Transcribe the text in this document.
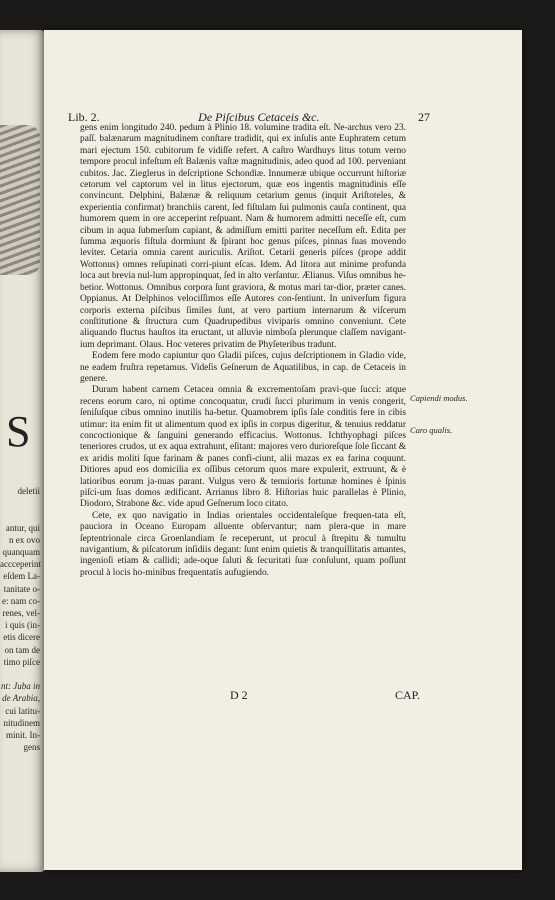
S
deletii

antur, qui
n ex ovo
quanquam
accceperint
eſdem La-
tanitate o-
e: nam co-
renes, vel-
i quis (in-
etis dicere
on tam de
timo piſce

nt: Juba in
de Arabia,
cui latitu-
nitudinem
minit. In-
gens
Lib. 2.	De Piſcibus Cetaceis &c.	27

gens enim longitudo 240. pedum à Plinio 18. volumine tradita eſt. Ne-archus vero 23. paſſ. balænarum magnitudinem conſtare tradidit, qui ex inſulis ante Euphratem cetum mari ejectum 150. cubitorum fe vidiſſe refert. A caſtro Wardhuys litus totum verno tempore procul infeſtum eſt Balænis vaſtæ magnitudinis, adeo quod ad 100. perveniant cubitos. Jac. Zieglerus in deſcriptione Schondiæ. Innumeræ ubique occurrunt hiſtoriæ cetorum vel captorum vel in litus ejectorum, quæ eos ingentis magnitudinis eſſe convincunt. Delphini, Balænæ & reliquum cetarium genus (inquit Ariſtoteles, & experientia confirmat) branchiis carent, ſed fiſtulam ſui pulmonis cauſa continent, qua humorem quem in ore acceperint reſpuant. Nam & humorem admitti neceſſe eſt, cum cibum in aqua ſubmerſum capiant, & admiſſum emitti pariter neceſſum eſt. Edita per ſumma æquoris fiſtula dormiunt & ſpirant hoc genus piſces, pinnas ſuas movendo leviter. Cetaria omnia carent auriculis. Ariſtot. Cetarii generis piſces (prope addit Wottonus) omnes reſupinati corri-piunt eſcas. Idem. Ad litora aut minime profunda loca aut brevia nul-lum appropinquat, ſed in alto verſantur. Ælianus. Viſus omnibus he-betior. Wottonus. Omnibus corpora ſunt graviora, & motus mari tar-dior, præter canes. Oppianus. At Delphinos velociſſimos eſſe Autores con-ſentiunt. In univerſum figura corporis externa piſcibus ſimiles ſunt, at vero partium internarum & viſcerum conſtitutione & ſtructura cum Quadrupedibus viviparis omnino conveniunt. Cete aliquando fluctus hauſtos ita eructant, ut alluvie nimboſa plerunque claſſem navigant-ium deprimant. Olaus. Hoc veteres privatim de Phyſeteribus tradunt.

Eodem fere modo capiuntur quo Gladii piſces, cujus deſcriptionem in Gladio vide, ne eadem fruſtra repetamus. Videſis Geſnerum de Aquatilibus, in cap. de Cetaceis in genere.

Duram habent carnem Cetacea omnia & excrementoſam pravi-que ſucci: atque recens eorum caro, ni optime concoquatur, crudi ſucci plurimum in venis congerit, ſeniſuſque cibus omnino inutilis ha-betur. Quamobrem ipſis ſale conditis fere in cibis utimur: ita enim fit ut alimentum quod ex ipſis in corpus digeritur, & tenuius reddatur concoctionique & ſanguini generando efficacius. Wottonus. Ichthyophagi piſces teneriores crudos, ut ex aqua extrahunt, eſitant: majores vero durioreſque ſole ſiccant & ex aridis moliti ſque farinam & panes confi-ciunt, alii mazas ex ea farina coquunt. Ditiores apud eos domicilia ex oſſibus cetorum quos mare expulerit, extruunt, & è latioribus eorum ja-nuas parant. Vulgus vero & tenuioris fortunæ homines è ſpinis piſci-um ſuas domos ædificant. Arrianus libro 8. Hiſtorias huic parallelas è Plinio, Diodoro, Strabone &c. vide apud Geſnerum loco citato.

Cete, ex quo navigatio in Indias orientales occidentaleſque frequen-tata eſt, pauciora in Oceano Europam alluente obſervantur; nam plera-que in mare ſeptentrionale circa Groenlandiam ſe receperunt, ut procul à ſtrepitu & tumultu navigantium, & piſcatorum inſidiis degant: ſunt enim quietis & tranquillitatis amantes, ingenioſi etiam & callidi; ade-oque ſaluti & ſecuritati ſuæ conſulunt, quam poſſunt procul à locis ho-minibus frequentatis aufugiendo.

Capiendi modus.
Caro qualis.
D 2	CAP.
